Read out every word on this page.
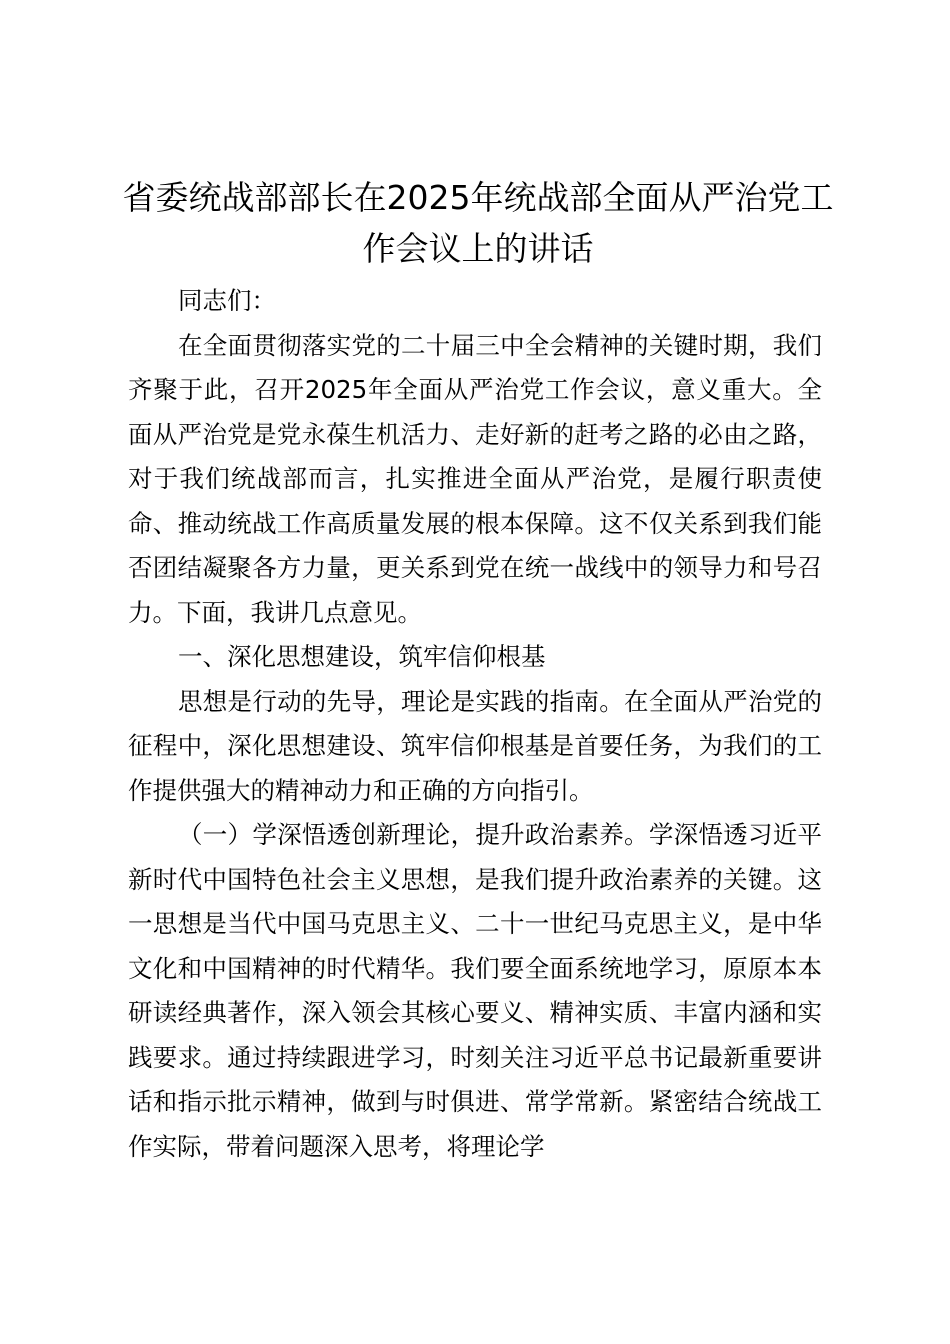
省委统战部部长在2025年统战部全面从严治党工作会议上的讲话

同志们：

在全面贯彻落实党的二十届三中全会精神的关键时期，我们齐聚于此，召开2025年全面从严治党工作会议，意义重大。全面从严治党是党永葆生机活力、走好新的赶考之路的必由之路，对于我们统战部而言，扎实推进全面从严治党，是履行职责使命、推动统战工作高质量发展的根本保障。这不仅关系到我们能否团结凝聚各方力量，更关系到党在统一战线中的领导力和号召力。下面，我讲几点意见。

一、深化思想建设，筑牢信仰根基

思想是行动的先导，理论是实践的指南。在全面从严治党的征程中，深化思想建设、筑牢信仰根基是首要任务，为我们的工作提供强大的精神动力和正确的方向指引。

（一）学深悟透创新理论，提升政治素养。学深悟透习近平新时代中国特色社会主义思想，是我们提升政治素养的关键。这一思想是当代中国马克思主义、二十一世纪马克思主义，是中华文化和中国精神的时代精华。我们要全面系统地学习，原原本本研读经典著作，深入领会其核心要义、精神实质、丰富内涵和实践要求。通过持续跟进学习，时刻关注习近平总书记最新重要讲话和指示批示精神，做到与时俱进、常学常新。紧密结合统战工作实际，带着问题深入思考，将理论学
